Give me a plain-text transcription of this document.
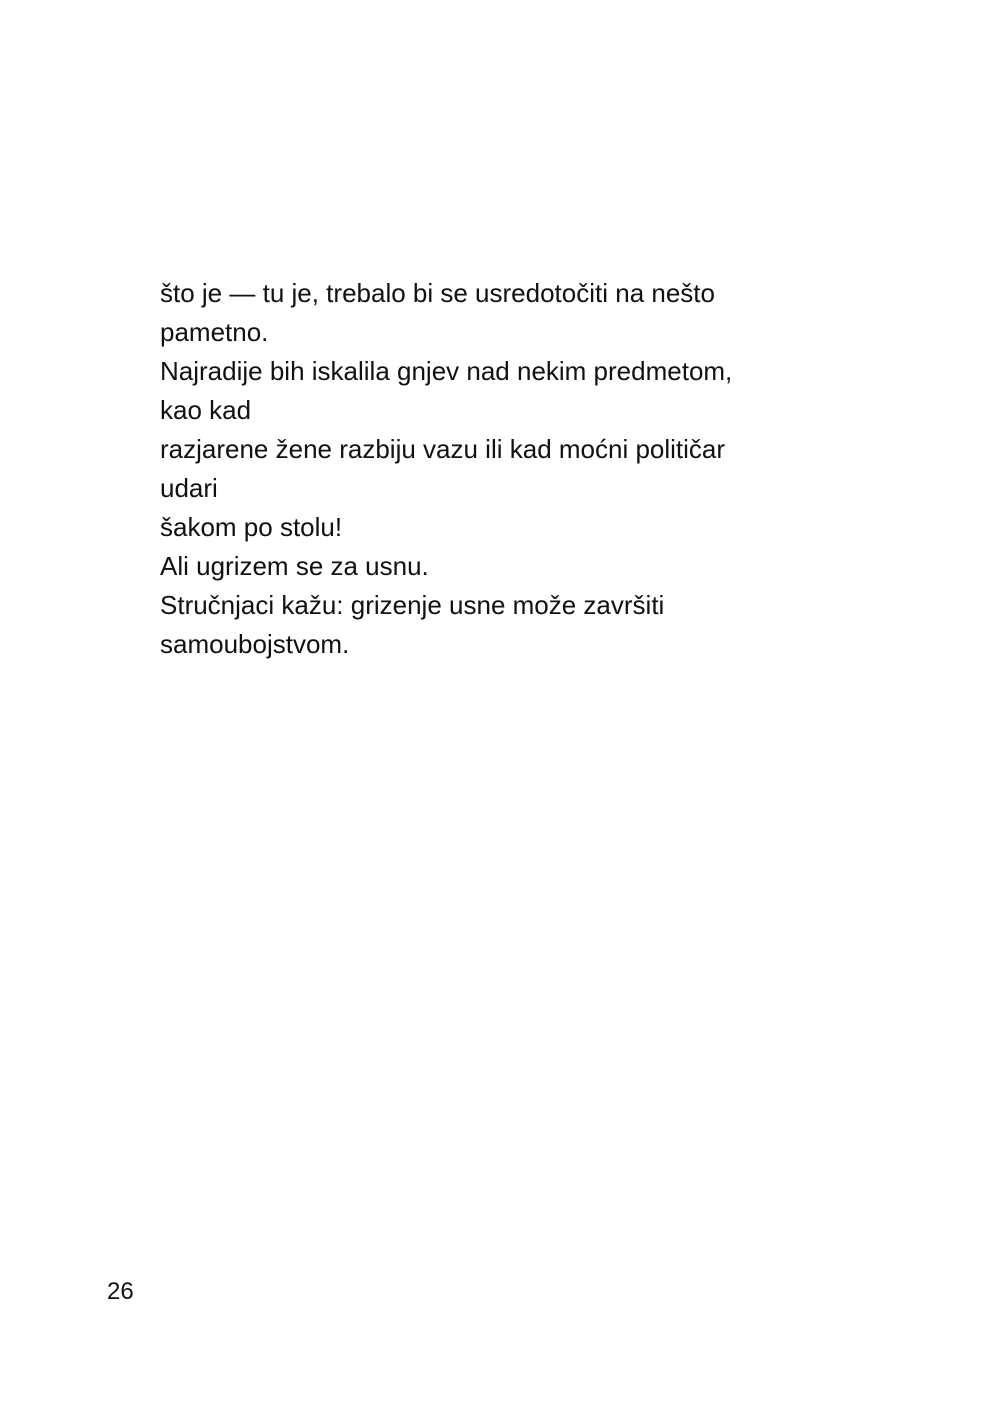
što je — tu je, trebalo bi se usredotočiti na nešto
pametno.
Najradije bih iskalila gnjev nad nekim predmetom,
kao kad
razjarene žene razbiju vazu ili kad moćni političar
udari
šakom po stolu!
Ali ugrizem se za usnu.
Stručnjaci kažu: grizenje usne može završiti
samoubojstvom.
26
